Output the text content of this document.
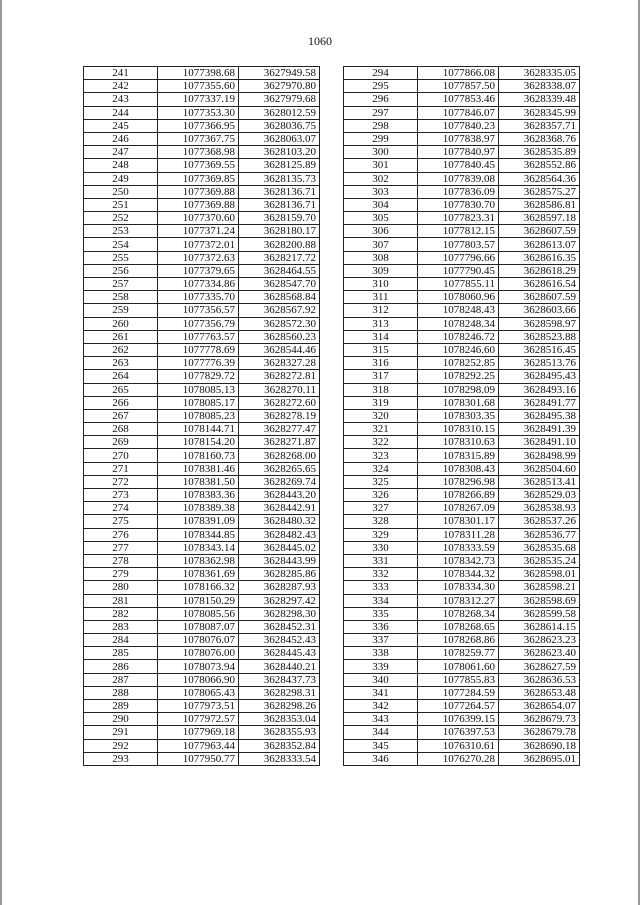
1060
241	1077398.68	3627949.58
242	1077355.60	3627970.80
243	1077337.19	3627979.68
244	1077353.30	3628012.59
245	1077366.95	3628036.75
246	1077367.75	3628063.07
247	1077368.98	3628103.20
248	1077369.55	3628125.89
249	1077369.85	3628135.73
250	1077369.88	3628136.71
251	1077369.88	3628136.71
252	1077370.60	3628159.70
253	1077371.24	3628180.17
254	1077372.01	3628200.88
255	1077372.63	3628217.72
256	1077379.65	3628464.55
257	1077334.86	3628547.70
258	1077335.70	3628568.84
259	1077356.57	3628567.92
260	1077356.79	3628572.30
261	1077763.57	3628560.23
262	1077778.69	3628544.46
263	1077776.39	3628327.28
264	1077829.72	3628272.81
265	1078085.13	3628270.11
266	1078085.17	3628272.60
267	1078085.23	3628278.19
268	1078144.71	3628277.47
269	1078154.20	3628271.87
270	1078160.73	3628268.00
271	1078381.46	3628265.65
272	1078381.50	3628269.74
273	1078383.36	3628443.20
274	1078389.38	3628442.91
275	1078391.09	3628480.32
276	1078344.85	3628482.43
277	1078343.14	3628445.02
278	1078362.98	3628443.99
279	1078361.69	3628285.86
280	1078166.32	3628287.93
281	1078150.29	3628297.42
282	1078085.56	3628298.30
283	1078087.07	3628452.31
284	1078076.07	3628452.43
285	1078076.00	3628445.43
286	1078073.94	3628440.21
287	1078066.90	3628437.73
288	1078065.43	3628298.31
289	1077973.51	3628298.26
290	1077972.57	3628353.04
291	1077969.18	3628355.93
292	1077963.44	3628352.84
293	1077950.77	3628333.54
294	1077866.08	3628335.05
295	1077857.50	3628338.07
296	1077853.46	3628339.48
297	1077846.07	3628345.99
298	1077840.23	3628357.71
299	1077838.97	3628368.76
300	1077840.97	3628535.89
301	1077840.45	3628552.86
302	1077839.08	3628564.36
303	1077836.09	3628575.27
304	1077830.70	3628586.81
305	1077823.31	3628597.18
306	1077812.15	3628607.59
307	1077803.57	3628613.07
308	1077796.66	3628616.35
309	1077790.45	3628618.29
310	1077855.11	3628616.54
311	1078060.96	3628607.59
312	1078248.43	3628603.66
313	1078248.34	3628598.97
314	1078246.72	3628523.88
315	1078246.60	3628516.45
316	1078252.85	3628513.76
317	1078292.25	3628495.43
318	1078298.09	3628493.16
319	1078301.68	3628491.77
320	1078303.35	3628495.38
321	1078310.15	3628491.39
322	1078310.63	3628491.10
323	1078315.89	3628498.99
324	1078308.43	3628504.60
325	1078296.98	3628513.41
326	1078266.89	3628529.03
327	1078267.09	3628538.93
328	1078301.17	3628537.26
329	1078311.28	3628536.77
330	1078333.59	3628535.68
331	1078342.73	3628535.24
332	1078344.32	3628598.01
333	1078334.30	3628598.21
334	1078312.27	3628598.69
335	1078268.34	3628599.58
336	1078268.65	3628614.15
337	1078268.86	3628623.23
338	1078259.77	3628623.40
339	1078061.60	3628627.59
340	1077855.83	3628636.53
341	1077284.59	3628653.48
342	1077264.57	3628654.07
343	1076399.15	3628679.73
344	1076397.53	3628679.78
345	1076310.61	3628690.18
346	1076270.28	3628695.01
